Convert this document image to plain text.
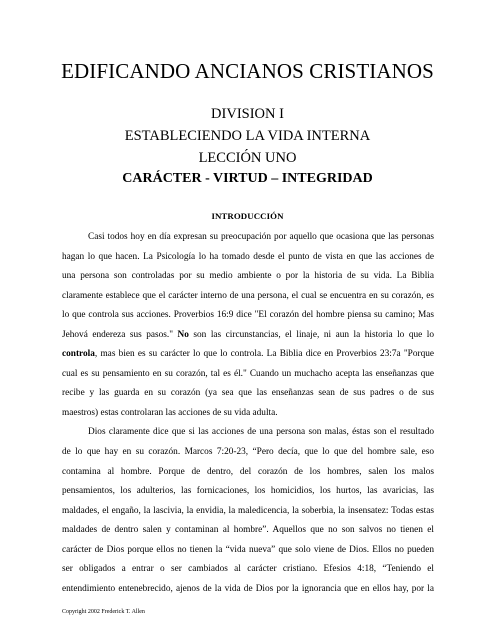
EDIFICANDO ANCIANOS CRISTIANOS
DIVISION I
ESTABLECIENDO LA VIDA INTERNA
LECCIÓN UNO
CARÁCTER - VIRTUD – INTEGRIDAD
INTRODUCCIÓN
Casi todos hoy en día expresan su preocupación por aquello que ocasiona que las personas
hagan lo que hacen. La Psicología lo ha tomado desde el punto de vista en que las acciones de
una persona son controladas por su medio ambiente o por la historia de su vida. La Biblia
claramente establece que el carácter interno de una persona, el cual se encuentra en su corazón, es
lo que controla sus acciones. Proverbios 16:9 dice "El corazón del hombre piensa su camino; Mas
Jehová endereza sus pasos." No son las circunstancias, el linaje, ni aun la historia lo que lo
controla, mas bien es su carácter lo que lo controla. La Biblia dice en Proverbios 23:7a "Porque
cual es su pensamiento en su corazón, tal es él." Cuando un muchacho acepta las enseñanzas que
recibe y las guarda en su corazón (ya sea que las enseñanzas sean de sus padres o de sus
maestros) estas controlaran las acciones de su vida adulta.
Dios claramente dice que si las acciones de una persona son malas, éstas son el resultado
de lo que hay en su corazón. Marcos 7:20-23, “Pero decía, que lo que del hombre sale, eso
contamina al hombre. Porque de dentro, del corazón de los hombres, salen los malos
pensamientos, los adulterios, las fornicaciones, los homicidios, los hurtos, las avaricias, las
maldades, el engaño, la lascivia, la envidia, la maledicencia, la soberbia, la insensatez: Todas estas
maldades de dentro salen y contaminan al hombre”. Aquellos que no son salvos no tienen el
carácter de Dios porque ellos no tienen la “vida nueva” que solo viene de Dios. Ellos no pueden
ser obligados a entrar o ser cambiados al carácter cristiano. Efesios 4:18, “Teniendo el
entendimiento entenebrecido, ajenos de la vida de Dios por la ignorancia que en ellos hay, por la
Copyright 2002 Frederick T. Allen
